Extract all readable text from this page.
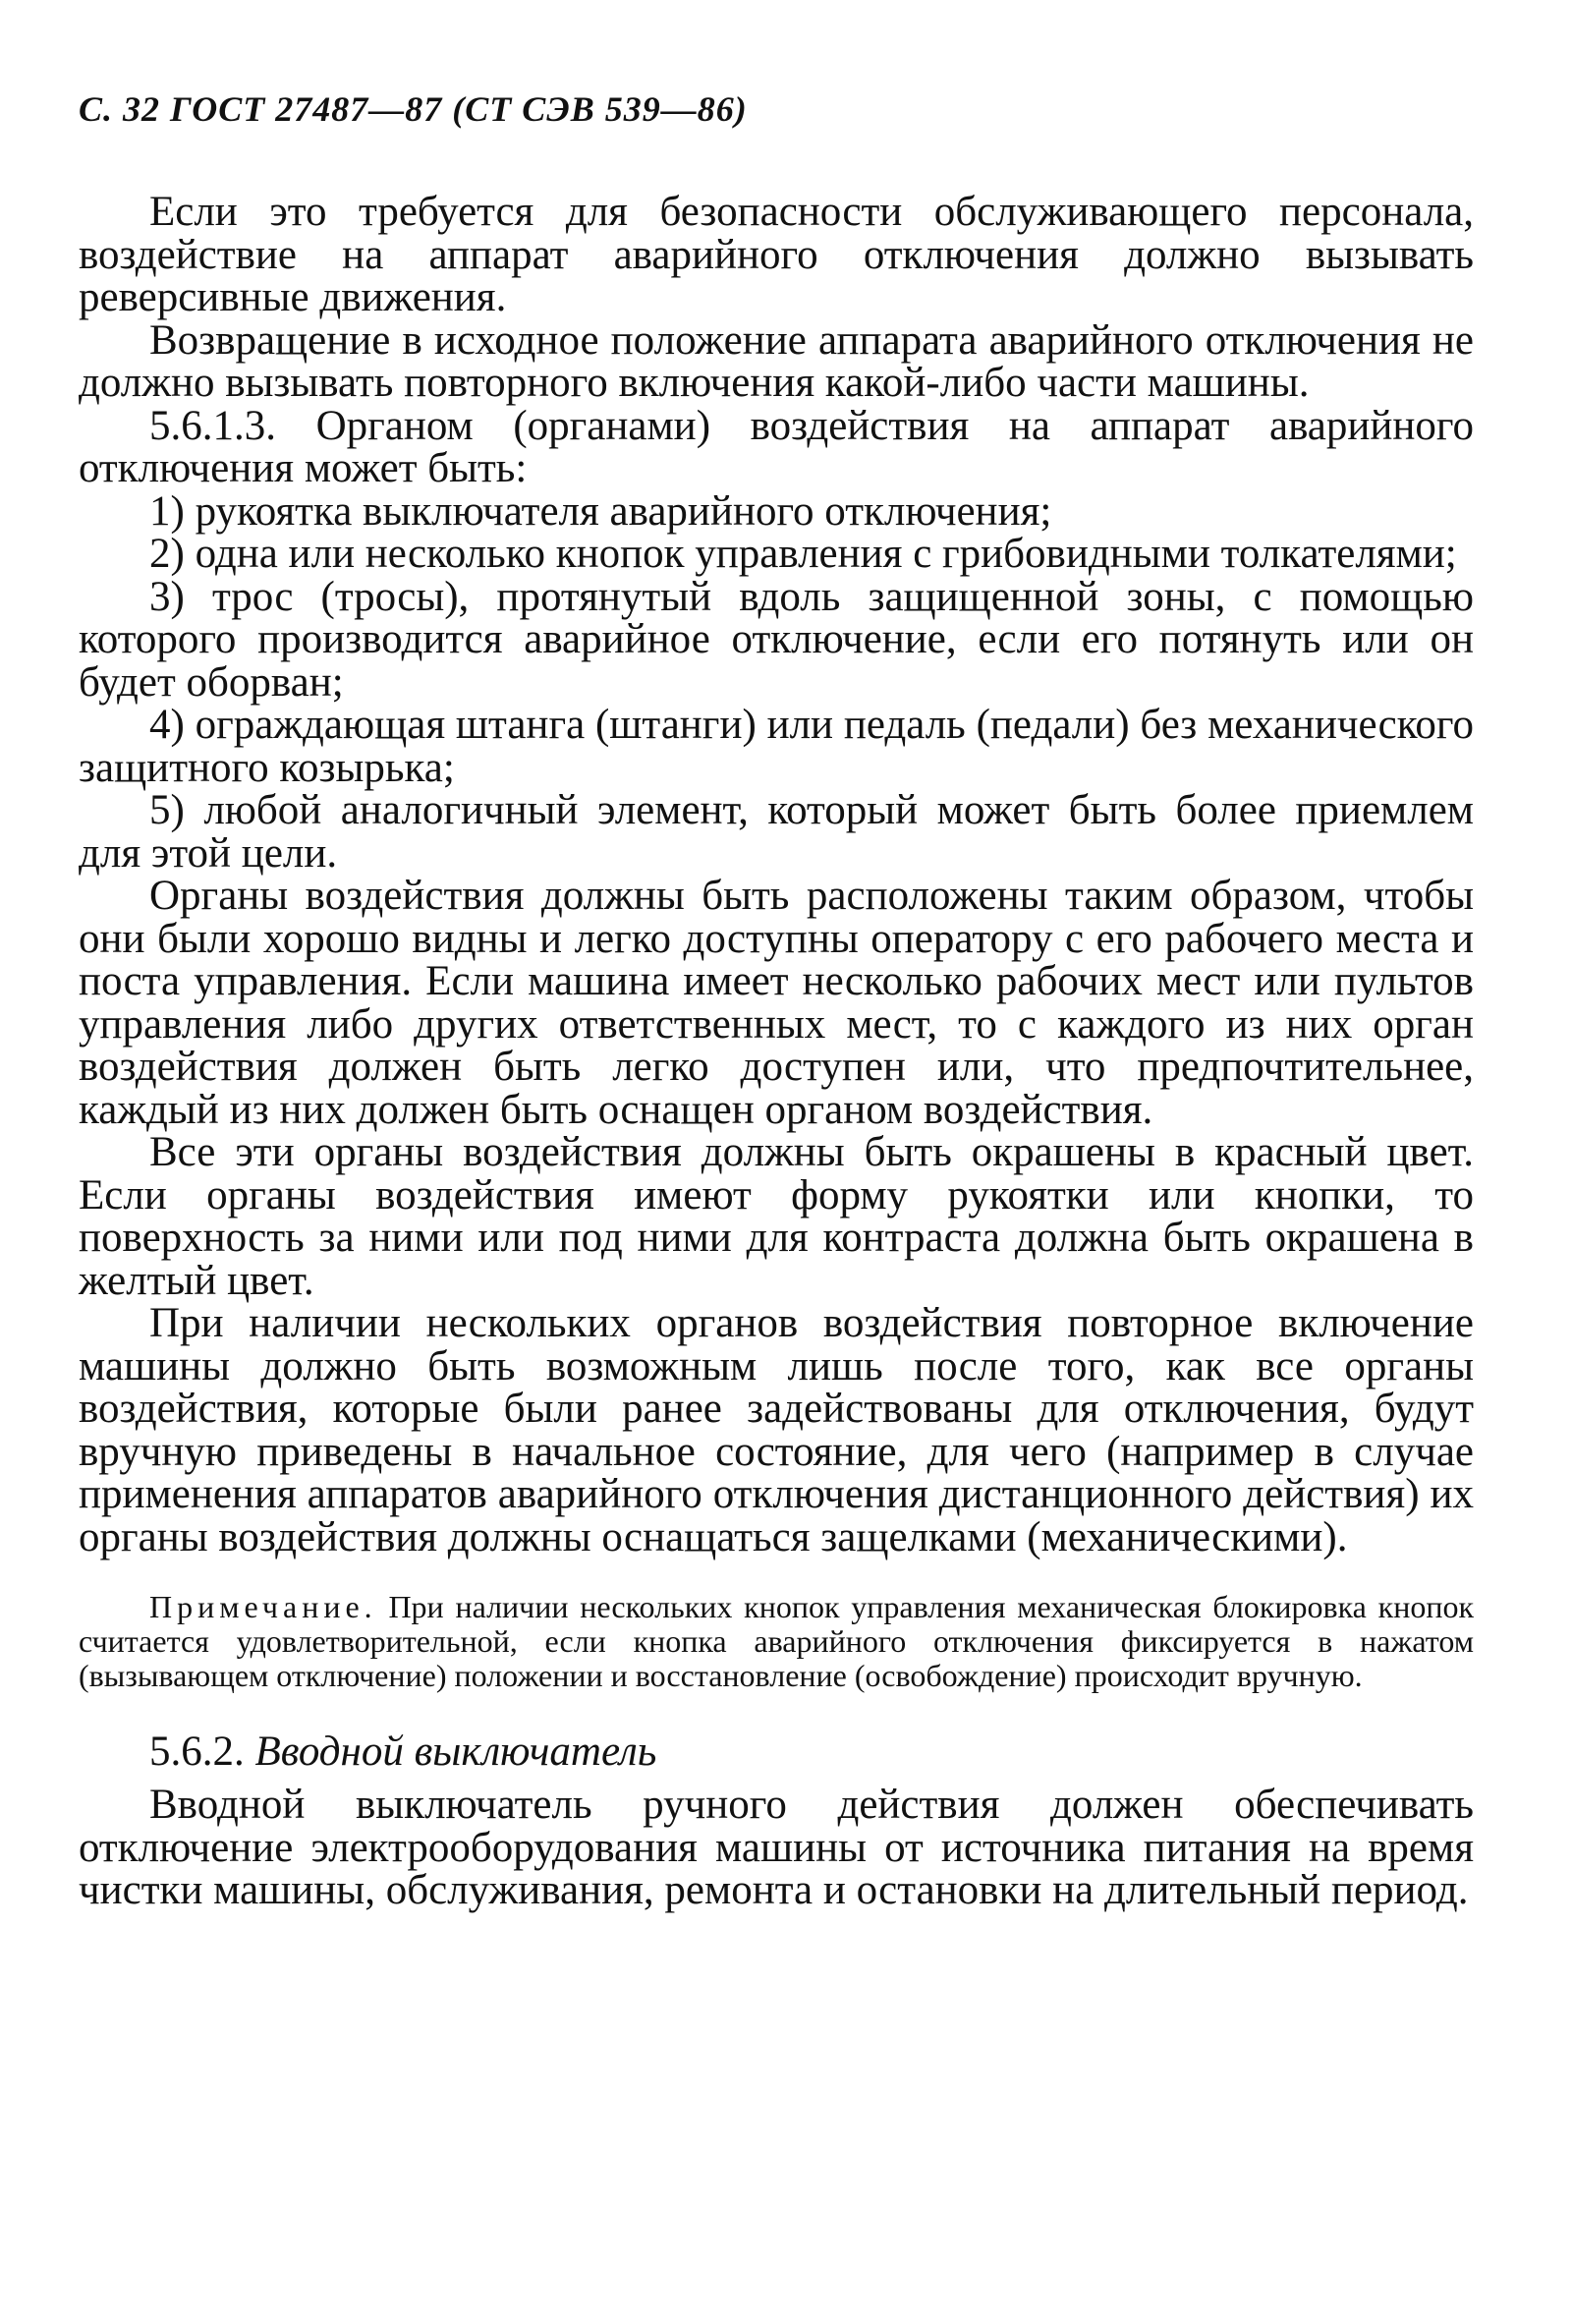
С. 32 ГОСТ 27487—87 (СТ СЭВ 539—86)

Если это требуется для безопасности обслуживающего персонала, воздействие на аппарат аварийного отключения должно вызывать реверсивные движения.

Возвращение в исходное положение аппарата аварийного отключения не должно вызывать повторного включения какой-либо части машины.

5.6.1.3. Органом (органами) воздействия на аппарат аварийного отключения может быть:

1) рукоятка выключателя аварийного отключения;

2) одна или несколько кнопок управления с грибовидными толкателями;

3) трос (тросы), протянутый вдоль защищенной зоны, с помощью которого производится аварийное отключение, если его потянуть или он будет оборван;

4) ограждающая штанга (штанги) или педаль (педали) без механического защитного козырька;

5) любой аналогичный элемент, который может быть более приемлем для этой цели.

Органы воздействия должны быть расположены таким образом, чтобы они были хорошо видны и легко доступны оператору с его рабочего места и поста управления. Если машина имеет несколько рабочих мест или пультов управления либо других ответственных мест, то с каждого из них орган воздействия должен быть легко доступен или, что предпочтительнее, каждый из них должен быть оснащен органом воздействия.

Все эти органы воздействия должны быть окрашены в красный цвет. Если органы воздействия имеют форму рукоятки или кнопки, то поверхность за ними или под ними для контраста должна быть окрашена в желтый цвет.

При наличии нескольких органов воздействия повторное включение машины должно быть возможным лишь после того, как все органы воздействия, которые были ранее задействованы для отключения, будут вручную приведены в начальное состояние, для чего (например в случае применения аппаратов аварийного отключения дистанционного действия) их органы воздействия должны оснащаться защелками (механическими).

Примечание. При наличии нескольких кнопок управления механическая блокировка кнопок считается удовлетворительной, если кнопка аварийного отключения фиксируется в нажатом (вызывающем отключение) положении и восстановление (освобождение) происходит вручную.

5.6.2. Вводной выключатель

Вводной выключатель ручного действия должен обеспечивать отключение электрооборудования машины от источника питания на время чистки машины, обслуживания, ремонта и остановки на длительный период.
